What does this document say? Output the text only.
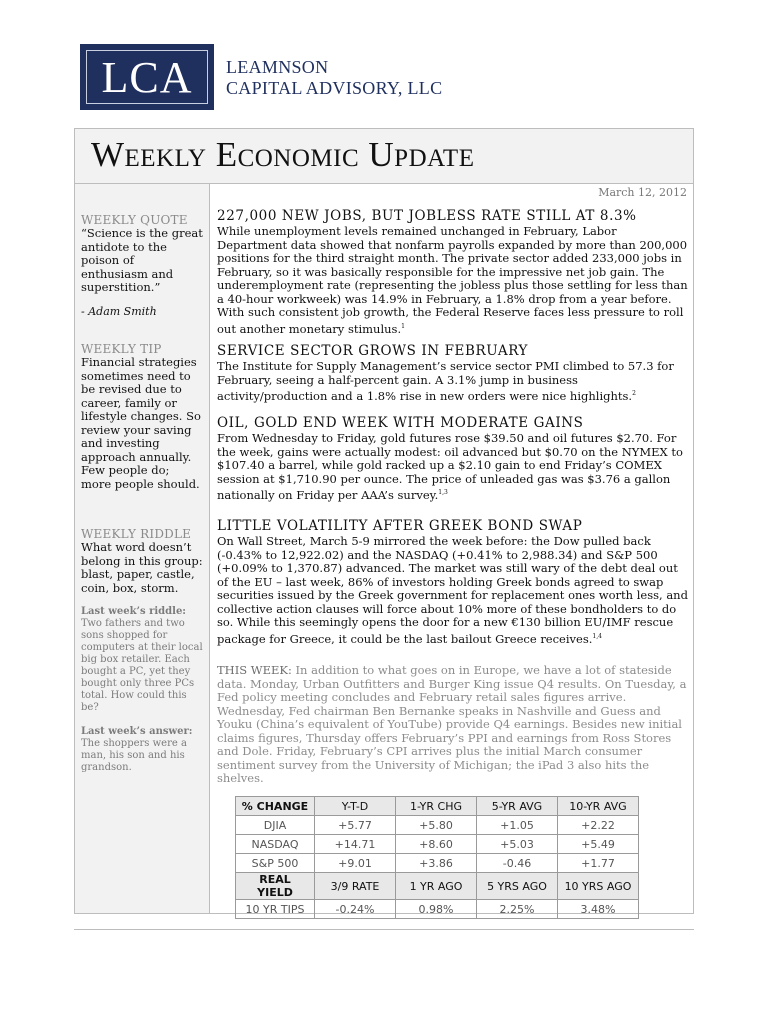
LCA	LEAMNSON
CAPITAL ADVISORY, LLC
Weekly Economic Update
WEEKLY QUOTE
“Science is the great antidote to the poison of enthusiasm and superstition.”
- Adam Smith
WEEKLY TIP
Financial strategies sometimes need to be revised due to career, family or lifestyle changes. So review your saving and investing approach annually. Few people do; more people should.
WEEKLY RIDDLE
What word doesn’t belong in this group: blast, paper, castle, coin, box, storm.
Last week’s riddle:
Two fathers and two sons shopped for computers at their local big box retailer. Each bought a PC, yet they bought only three PCs total. How could this be?
Last week’s answer:
The shoppers were a man, his son and his grandson.
March 12, 2012
227,000 NEW JOBS, BUT JOBLESS RATE STILL AT 8.3%

While unemployment levels remained unchanged in February, Labor Department data showed that nonfarm payrolls expanded by more than 200,000 positions for the third straight month. The private sector added 233,000 jobs in February, so it was basically responsible for the impressive net job gain. The underemployment rate (representing the jobless plus those settling for less than a 40-hour workweek) was 14.9% in February, a 1.8% drop from a year before. With such consistent job growth, the Federal Reserve faces less pressure to roll out another monetary stimulus.$^1$

SERVICE SECTOR GROWS IN FEBRUARY

The Institute for Supply Management’s service sector PMI climbed to 57.3 for February, seeing a half-percent gain. A 3.1% jump in business activity/production and a 1.8% rise in new orders were nice highlights.$^2$

OIL, GOLD END WEEK WITH MODERATE GAINS

From Wednesday to Friday, gold futures rose $39.50 and oil futures $2.70. For the week, gains were actually modest: oil advanced but $0.70 on the NYMEX to $107.40 a barrel, while gold racked up a $2.10 gain to end Friday’s COMEX session at $1,710.90 per ounce. The price of unleaded gas was $3.76 a gallon nationally on Friday per AAA’s survey.$^{1,3}$

LITTLE VOLATILITY AFTER GREEK BOND SWAP

On Wall Street, March 5-9 mirrored the week before: the Dow pulled back (-0.43% to 12,922.02) and the NASDAQ (+0.41% to 2,988.34) and S&P 500 (+0.09% to 1,370.87) advanced. The market was still wary of the debt deal out of the EU – last week, 86% of investors holding Greek bonds agreed to swap securities issued by the Greek government for replacement ones worth less, and collective action clauses will force about 10% more of these bondholders to do so. While this seemingly opens the door for a new €130 billion EU/IMF rescue package for Greece, it could be the last bailout Greece receives.$^{1,4}$

THIS WEEK: In addition to what goes on in Europe, we have a lot of stateside data. Monday, Urban Outfitters and Burger King issue Q4 results. On Tuesday, a Fed policy meeting concludes and February retail sales figures arrive. Wednesday, Fed chairman Ben Bernanke speaks in Nashville and Guess and Youku (China’s equivalent of YouTube) provide Q4 earnings. Besides new initial claims figures, Thursday offers February’s PPI and earnings from Ross Stores and Dole. Friday, February’s CPI arrives plus the initial March consumer sentiment survey from the University of Michigan; the iPad 3 also hits the shelves.
% CHANGE	Y-T-D	1-YR CHG	5-YR AVG	10-YR AVG
DJIA	+5.77	+5.80	+1.05	+2.22
NASDAQ	+14.71	+8.60	+5.03	+5.49
S&P 500	+9.01	+3.86	-0.46	+1.77
REAL YIELD	3/9 RATE	1 YR AGO	5 YRS AGO	10 YRS AGO
10 YR TIPS	-0.24%	0.98%	2.25%	3.48%
